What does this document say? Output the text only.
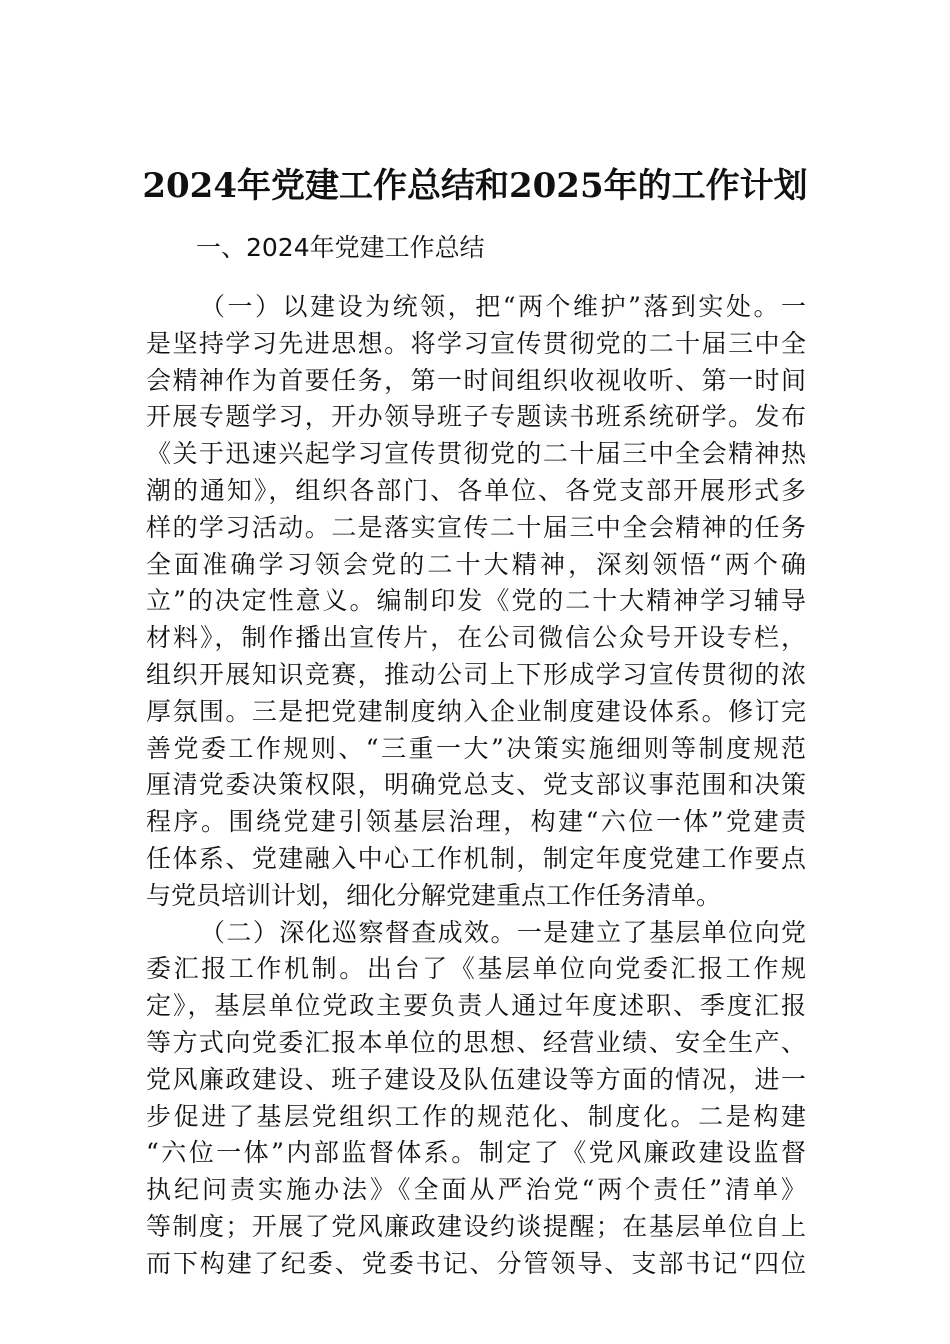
2024年党建工作总结和2025年的工作计划
一、2024年党建工作总结
（一）以建设为统领，把“两个维护”落到实处。一
是坚持学习先进思想。将学习宣传贯彻党的二十届三中全
会精神作为首要任务，第一时间组织收视收听、第一时间
开展专题学习，开办领导班子专题读书班系统研学。发布
《关于迅速兴起学习宣传贯彻党的二十届三中全会精神热
潮的通知》，组织各部门、各单位、各党支部开展形式多
样的学习活动。二是落实宣传二十届三中全会精神的任务
全面准确学习领会党的二十大精神，深刻领悟“两个确
立”的决定性意义。编制印发《党的二十大精神学习辅导
材料》，制作播出宣传片，在公司微信公众号开设专栏，
组织开展知识竞赛，推动公司上下形成学习宣传贯彻的浓
厚氛围。三是把党建制度纳入企业制度建设体系。修订完
善党委工作规则、“三重一大”决策实施细则等制度规范
厘清党委决策权限，明确党总支、党支部议事范围和决策
程序。围绕党建引领基层治理，构建“六位一体”党建责
任体系、党建融入中心工作机制，制定年度党建工作要点
与党员培训计划，细化分解党建重点工作任务清单。
（二）深化巡察督查成效。一是建立了基层单位向党
委汇报工作机制。出台了《基层单位向党委汇报工作规
定》，基层单位党政主要负责人通过年度述职、季度汇报
等方式向党委汇报本单位的思想、经营业绩、安全生产、
党风廉政建设、班子建设及队伍建设等方面的情况，进一
步促进了基层党组织工作的规范化、制度化。二是构建
“六位一体”内部监督体系。制定了《党风廉政建设监督
执纪问责实施办法》《全面从严治党“两个责任”清单》
等制度；开展了党风廉政建设约谈提醒；在基层单位自上
而下构建了纪委、党委书记、分管领导、支部书记“四位
